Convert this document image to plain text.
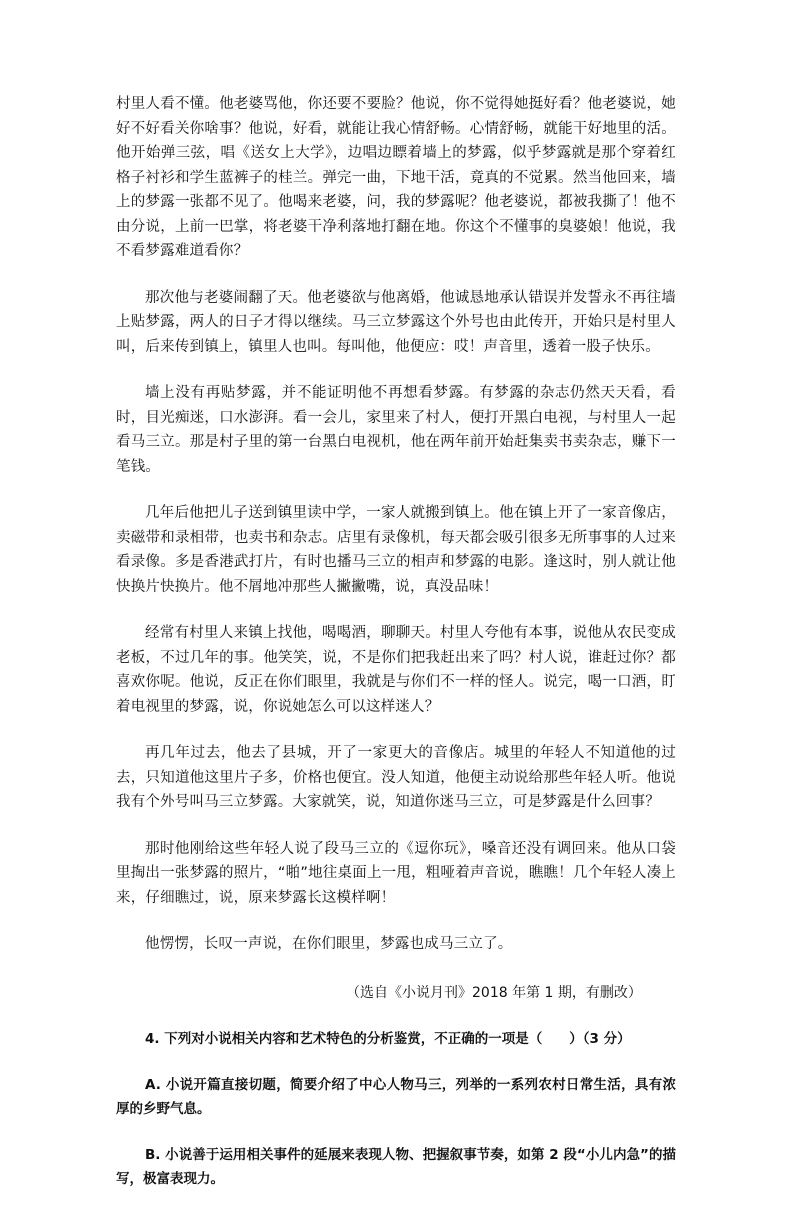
村里人看不懂。他老婆骂他，你还要不要脸？他说，你不觉得她挺好看？他老婆说，她好不好看关你啥事？他说，好看，就能让我心情舒畅。心情舒畅，就能干好地里的活。他开始弹三弦，唱《送女上大学》，边唱边瞟着墙上的梦露，似乎梦露就是那个穿着红格子衬衫和学生蓝裤子的桂兰。弹完一曲，下地干活，竟真的不觉累。然当他回来，墙上的梦露一张都不见了。他喝来老婆，问，我的梦露呢？他老婆说，都被我撕了！他不由分说，上前一巴掌，将老婆干净利落地打翻在地。你这个不懂事的臭婆娘！他说，我不看梦露难道看你？

那次他与老婆闹翻了天。他老婆欲与他离婚，他诚恳地承认错误并发誓永不再往墙上贴梦露，两人的日子才得以继续。马三立梦露这个外号也由此传开，开始只是村里人叫，后来传到镇上，镇里人也叫。每叫他，他便应：哎！声音里，透着一股子快乐。

墙上没有再贴梦露，并不能证明他不再想看梦露。有梦露的杂志仍然天天看，看时，目光痴迷，口水澎湃。看一会儿，家里来了村人，便打开黑白电视，与村里人一起看马三立。那是村子里的第一台黑白电视机，他在两年前开始赶集卖书卖杂志，赚下一笔钱。

几年后他把儿子送到镇里读中学，一家人就搬到镇上。他在镇上开了一家音像店，卖磁带和录相带，也卖书和杂志。店里有录像机，每天都会吸引很多无所事事的人过来看录像。多是香港武打片，有时也播马三立的相声和梦露的电影。逢这时，别人就让他快换片快换片。他不屑地冲那些人撇撇嘴，说，真没品味！

经常有村里人来镇上找他，喝喝酒，聊聊天。村里人夸他有本事，说他从农民变成老板，不过几年的事。他笑笑，说，不是你们把我赶出来了吗？村人说，谁赶过你？都喜欢你呢。他说，反正在你们眼里，我就是与你们不一样的怪人。说完，喝一口酒，盯着电视里的梦露，说，你说她怎么可以这样迷人？

再几年过去，他去了县城，开了一家更大的音像店。城里的年轻人不知道他的过去，只知道他这里片子多，价格也便宜。没人知道，他便主动说给那些年轻人听。他说我有个外号叫马三立梦露。大家就笑，说，知道你迷马三立，可是梦露是什么回事？

那时他刚给这些年轻人说了段马三立的《逗你玩》，嗓音还没有调回来。他从口袋里掏出一张梦露的照片，“啪”地往桌面上一甩，粗哑着声音说，瞧瞧！几个年轻人凑上来，仔细瞧过，说，原来梦露长这模样啊！

他愣愣，长叹一声说，在你们眼里，梦露也成马三立了。

（选自《小说月刊》2018 年第 1 期，有删改）

4. 下列对小说相关内容和艺术特色的分析鉴赏，不正确的一项是（　　）（3 分）

A. 小说开篇直接切题，简要介绍了中心人物马三，列举的一系列农村日常生活，具有浓厚的乡野气息。

B. 小说善于运用相关事件的延展来表现人物、把握叙事节奏，如第 2 段“小儿内急”的描写，极富表现力。
